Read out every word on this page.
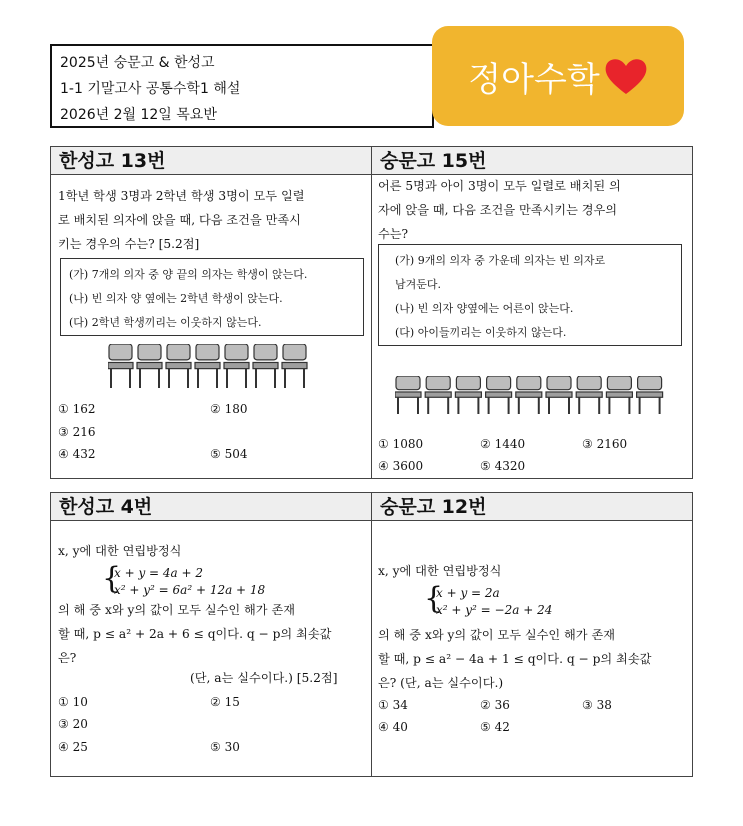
2025년 숭문고 & 한성고
1-1 기말고사 공통수학1 해설
2026년 2월 12일 목요반
정아수학
한성고 13번
1학년 학생 3명과 2학년 학생 3명이 모두 일렬
로 배치된 의자에 앉을 때, 다음 조건을 만족시
키는 경우의 수는? [5.2점]
(가) 7개의 의자 중 양 끝의 의자는 학생이 앉는다.
(나) 빈 의자 양 옆에는 2학년 학생이 앉는다.
(다) 2학년 학생끼리는 이웃하지 않는다.
① 162	② 180
③ 216
④ 432	⑤ 504
숭문고 15번
어른 5명과 아이 3명이 모두 일렬로 배치된 의
자에 앉을 때, 다음 조건을 만족시키는 경우의
수는?
(가) 9개의 의자 중 가운데 의자는 빈 의자로
남겨둔다.
(나) 빈 의자 양옆에는 어른이 앉는다.
(다) 아이들끼리는 이웃하지 않는다.
① 1080	② 1440	③ 2160
④ 3600	⑤ 4320
한성고 4번
x, y에 대한 연립방정식
{
x + y = 4a + 2
x² + y² = 6a² + 12a + 18
의 해 중 x와 y의 값이 모두 실수인 해가 존재
할 때, p ≤ a² + 2a + 6 ≤ q이다. q − p의 최솟값
은?
(단, a는 실수이다.) [5.2점]
① 10	② 15
③ 20
④ 25	⑤ 30
숭문고 12번
x, y에 대한 연립방정식
{
x + y = 2a
x² + y² = −2a + 24
의 해 중 x와 y의 값이 모두 실수인 해가 존재
할 때, p ≤ a² − 4a + 1 ≤ q이다. q − p의 최솟값
은? (단, a는 실수이다.)
① 34	② 36	③ 38
④ 40	⑤ 42
